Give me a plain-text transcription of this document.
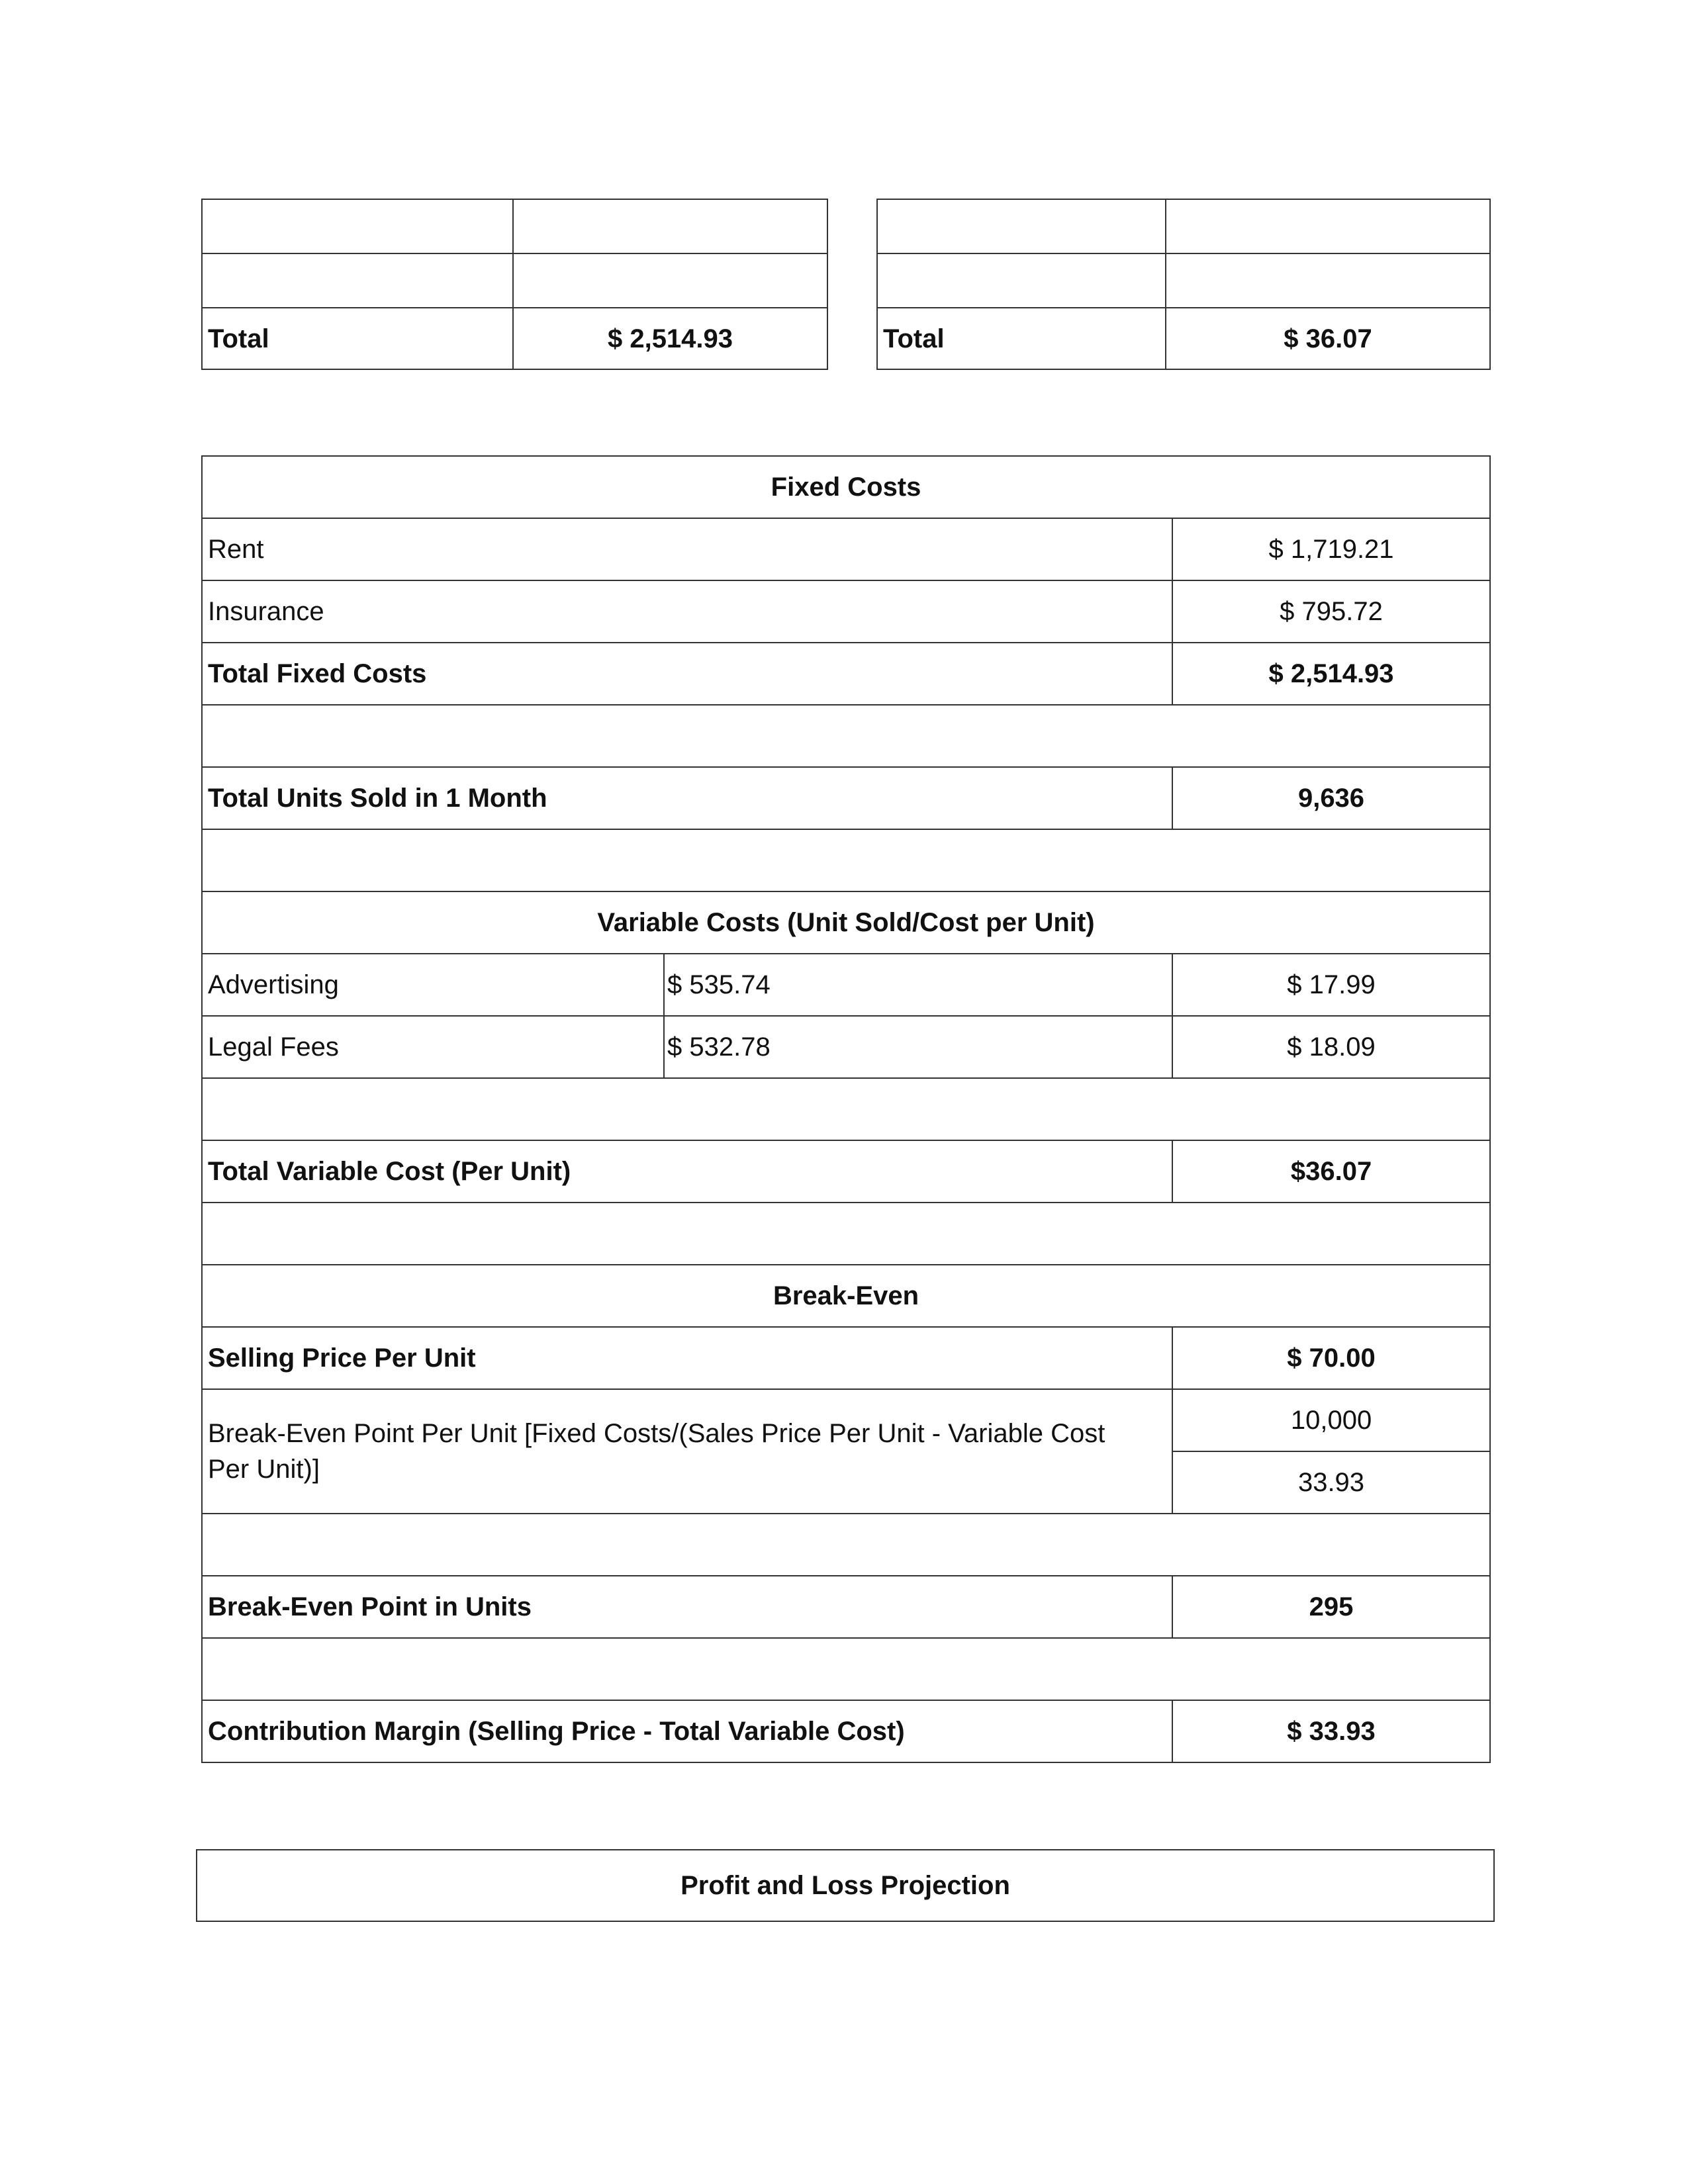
Total	$ 2,514.93

		Total	$ 36.07
Fixed Costs		
Rent		$ 1,719.21
Insurance		$ 795.72
Total Fixed Costs		$ 2,514.93

Total Units Sold in 1 Month		9,636

Variable Costs (Unit Sold/Cost per Unit)		
Advertising	$ 535.74	$ 17.99
Legal Fees	$ 532.78	$ 18.09

Total Variable Cost (Per Unit)		$36.07

Break-Even		
Selling Price Per Unit		$ 70.00
Break-Even Point Per Unit [Fixed Costs/(Sales Price Per Unit - Variable Cost Per Unit)]		10,000
		33.93

Break-Even Point in Units		295

Contribution Margin (Selling Price - Total Variable Cost)		$ 33.93
Profit and Loss Projection
